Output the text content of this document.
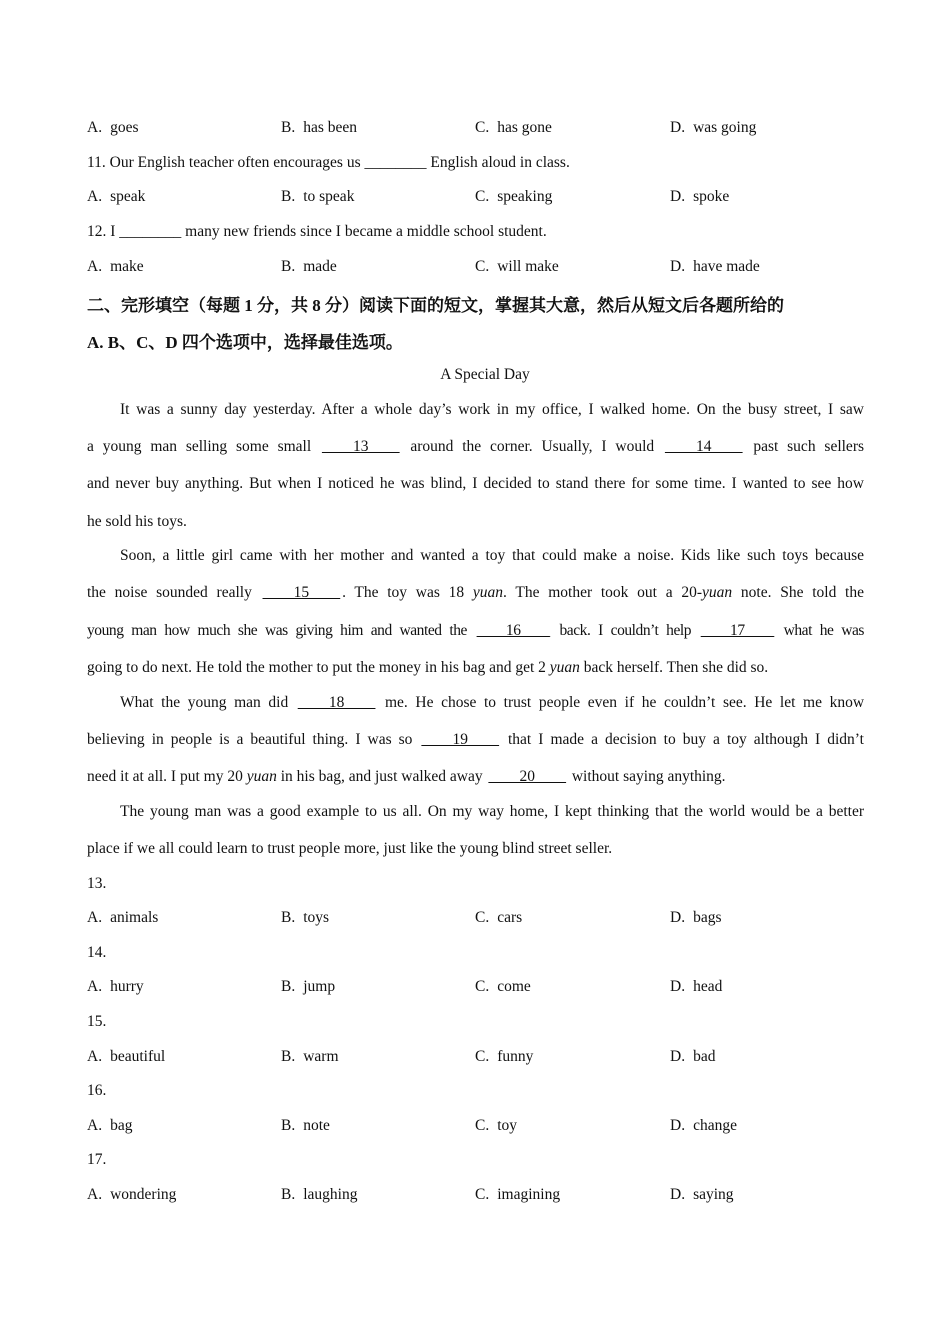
A. goes	B. has been	C. has gone	D. was going
11. Our English teacher often encourages us ________ English aloud in class.
A. speak	B. to speak	C. speaking	D. spoke
12. I ________ many new friends since I became a middle school student.
A. make	B. made	C. will make	D. have made
二、完形填空（每题 1 分，共 8 分）阅读下面的短文，掌握其大意，然后从短文后各题所给的
A. B、C、D 四个选项中，选择最佳选项。
A Special Day
It was a sunny day yesterday. After a whole day’s work in my office, I walked home. On the busy street, I saw
a young man selling some small ____13____ around the corner. Usually, I would ____14____ past such sellers
and never buy anything. But when I noticed he was blind, I decided to stand there for some time. I wanted to see how
he sold his toys.
Soon, a little girl came with her mother and wanted a toy that could make a noise. Kids like such toys because
the noise sounded really ____15____ . The toy was 18 yuan. The mother took out a 20-yuan note. She told the
young man how much she was giving him and wanted the ____16____ back. I couldn’t help ____17____ what he was
going to do next. He told the mother to put the money in his bag and get 2 yuan back herself. Then she did so.
What the young man did ____18____ me. He chose to trust people even if he couldn’t see. He let me know
believing in people is a beautiful thing. I was so ____19____ that I made a decision to buy a toy although I didn’t
need it at all. I put my 20 yuan in his bag, and just walked away ____20____ without saying anything.
The young man was a good example to us all. On my way home, I kept thinking that the world would be a better
place if we all could learn to trust people more, just like the young blind street seller.
13.
A. animals	B. toys	C. cars	D. bags
14.
A. hurry	B. jump	C. come	D. head
15.
A. beautiful	B. warm	C. funny	D. bad
16.
A. bag	B. note	C. toy	D. change
17.
A. wondering	B. laughing	C. imagining	D. saying
